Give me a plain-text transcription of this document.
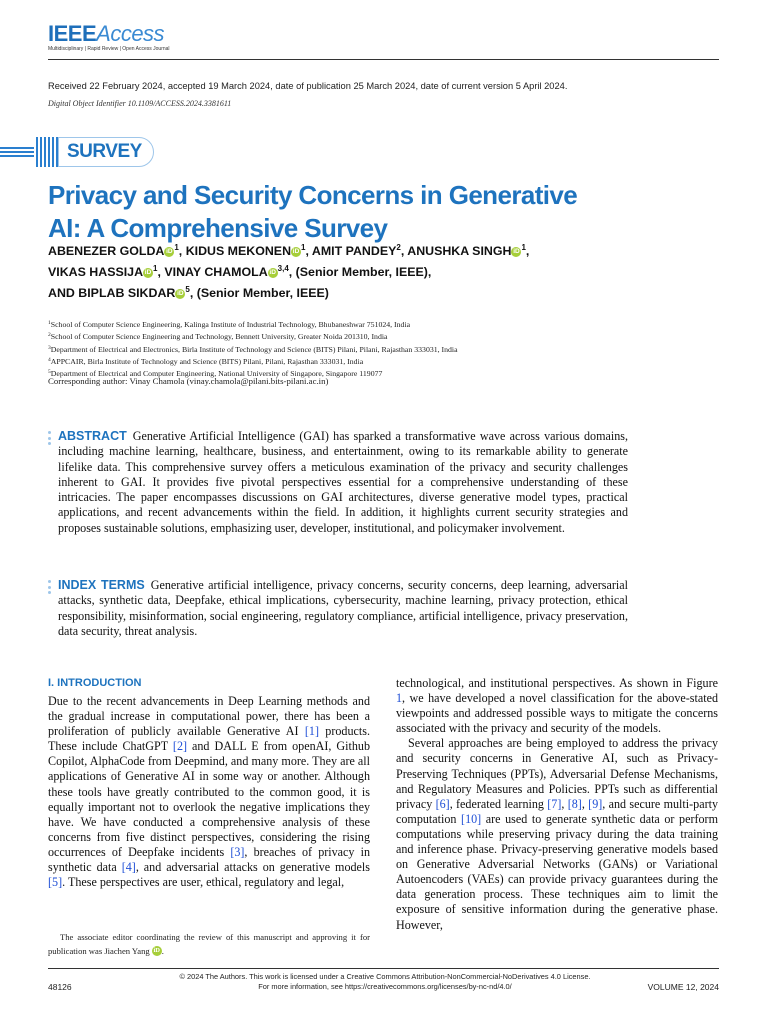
IEEEAccess
Multidisciplinary | Rapid Review | Open Access Journal
Received 22 February 2024, accepted 19 March 2024, date of publication 25 March 2024, date of current version 5 April 2024.
Digital Object Identifier 10.1109/ACCESS.2024.3381611
SURVEY
Privacy and Security Concerns in Generative AI: A Comprehensive Survey
ABENEZER GOLDA iD $^1$, KIDUS MEKONEN iD $^1$, AMIT PANDEY$^2$, ANUSHKA SINGH iD $^1$,
VIKAS HASSIJA iD $^1$, VINAY CHAMOLA iD $^{3,4}$, (Senior Member, IEEE),
AND BIPLAB SIKDAR iD $^5$, (Senior Member, IEEE)
$^1$School of Computer Science Engineering, Kalinga Institute of Industrial Technology, Bhubaneshwar 751024, India
$^2$School of Computer Science Engineering and Technology, Bennett University, Greater Noida 201310, India
$^3$Department of Electrical and Electronics, Birla Institute of Technology and Science (BITS) Pilani, Pilani, Rajasthan 333031, India
$^4$APPCAIR, Birla Institute of Technology and Science (BITS) Pilani, Pilani, Rajasthan 333031, India
$^5$Department of Electrical and Computer Engineering, National University of Singapore, Singapore 119077
Corresponding author: Vinay Chamola (vinay.chamola@pilani.bits-pilani.ac.in)
ABSTRACT Generative Artificial Intelligence (GAI) has sparked a transformative wave across various domains, including machine learning, healthcare, business, and entertainment, owing to its remarkable ability to generate lifelike data. This comprehensive survey offers a meticulous examination of the privacy and security challenges inherent to GAI. It provides five pivotal perspectives essential for a comprehensive understanding of these intricacies. The paper encompasses discussions on GAI architectures, diverse generative model types, practical applications, and recent advancements within the field. In addition, it highlights current security strategies and proposes sustainable solutions, emphasizing user, developer, institutional, and policymaker involvement.
INDEX TERMS Generative artificial intelligence, privacy concerns, security concerns, deep learning, adversarial attacks, synthetic data, Deepfake, ethical implications, cybersecurity, machine learning, privacy protection, ethical responsibility, misinformation, social engineering, regulatory compliance, artificial intelligence, privacy preservation, data security, threat analysis.
I. INTRODUCTION

Due to the recent advancements in Deep Learning methods and the gradual increase in computational power, there has been a proliferation of publicly available Generative AI [1] products. These include ChatGPT [2] and DALL E from openAI, Github Copilot, AlphaCode from Deepmind, and many more. They are all applications of Generative AI in some way or another. Although these tools have greatly contributed to the common good, it is equally important not to overlook the negative implications they have. We have conducted a comprehensive analysis of these concerns from five distinct perspectives, considering the rising occurrences of Deepfake incidents [3], breaches of privacy in synthetic data [4], and adversarial attacks on generative models [5]. These perspectives are user, ethical, regulatory and legal,

technological, and institutional perspectives. As shown in Figure 1, we have developed a novel classification for the above-stated viewpoints and addressed possible ways to mitigate the concerns associated with the privacy and security of the models.

Several approaches are being employed to address the privacy and security concerns in Generative AI, such as Privacy-Preserving Techniques (PPTs), Adversarial Defense Mechanisms, and Regulatory Measures and Policies. PPTs such as differential privacy [6], federated learning [7], [8], [9], and secure multi-party computation [10] are used to generate synthetic data or perform computations while preserving privacy during the data training and inference phase. Privacy-preserving generative models based on Generative Adversarial Networks (GANs) or Variational Autoencoders (VAEs) can provide privacy guarantees during the data generation process. These techniques aim to limit the exposure of sensitive information during the generative phase. However,

The associate editor coordinating the review of this manuscript and approving it for publication was Jiachen Yang iD .
© 2024 The Authors. This work is licensed under a Creative Commons Attribution-NonCommercial-NoDerivatives 4.0 License.
For more information, see https://creativecommons.org/licenses/by-nc-nd/4.0/
48126	VOLUME 12, 2024
